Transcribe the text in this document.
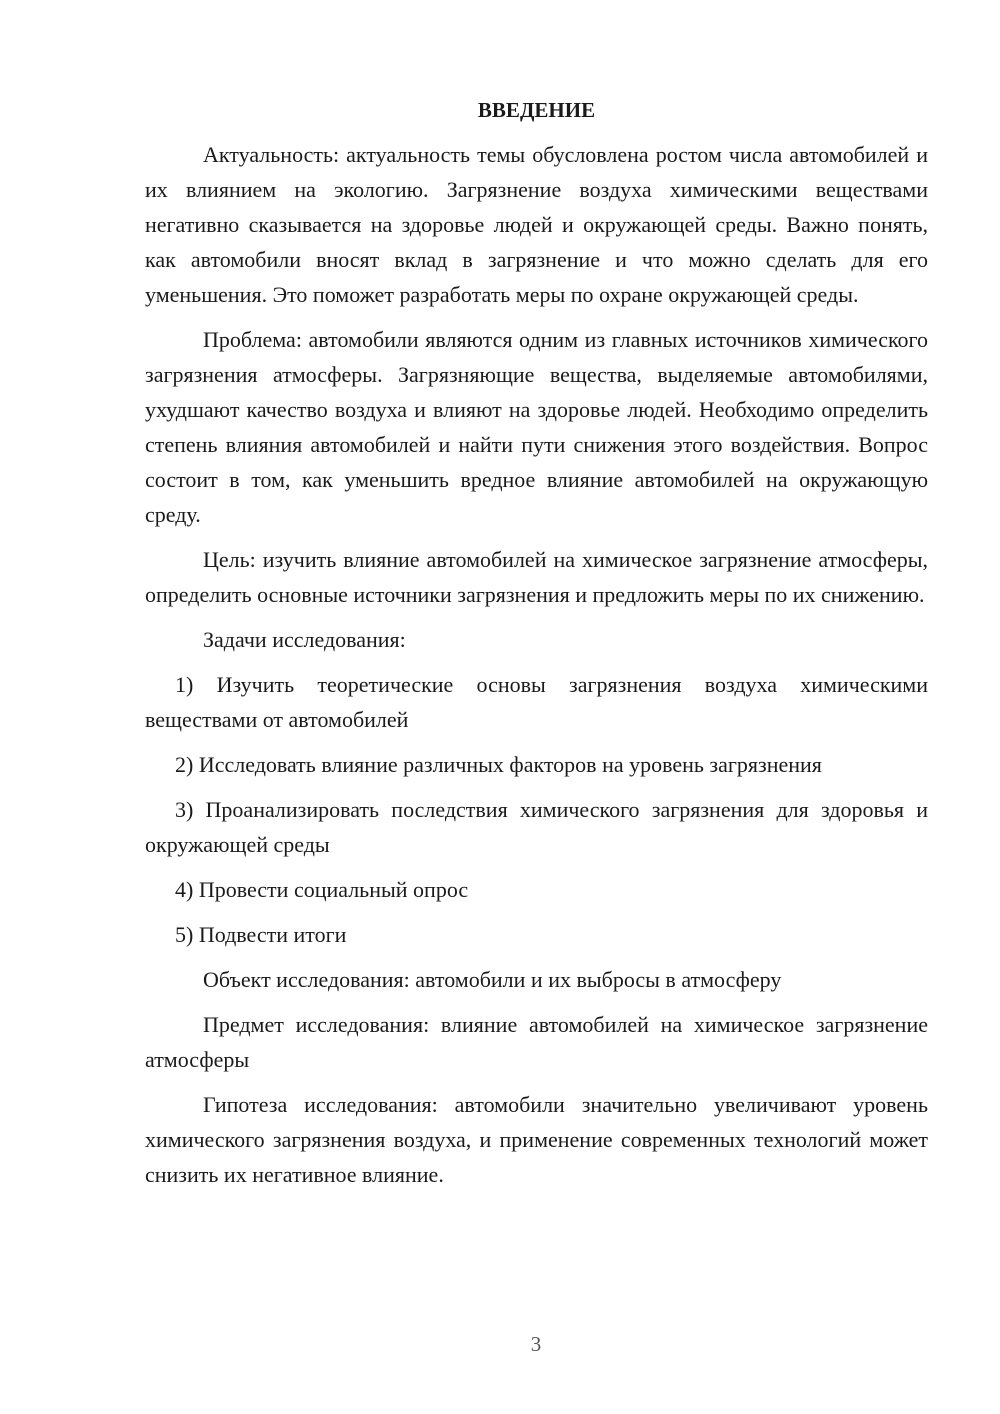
ВВЕДЕНИЕ

Актуальность: актуальность темы обусловлена ростом числа автомобилей и их влиянием на экологию. Загрязнение воздуха химическими веществами негативно сказывается на здоровье людей и окружающей среды. Важно понять, как автомобили вносят вклад в загрязнение и что можно сделать для его уменьшения. Это поможет разработать меры по охране окружающей среды.

Проблема: автомобили являются одним из главных источников химического загрязнения атмосферы. Загрязняющие вещества, выделяемые автомобилями, ухудшают качество воздуха и влияют на здоровье людей. Необходимо определить степень влияния автомобилей и найти пути снижения этого воздействия. Вопрос состоит в том, как уменьшить вредное влияние автомобилей на окружающую среду.

Цель: изучить влияние автомобилей на химическое загрязнение атмосферы, определить основные источники загрязнения и предложить меры по их снижению.

Задачи исследования:

1) Изучить теоретические основы загрязнения воздуха химическими веществами от автомобилей

2) Исследовать влияние различных факторов на уровень загрязнения

3) Проанализировать последствия химического загрязнения для здоровья и окружающей среды

4) Провести социальный опрос

5) Подвести итоги

Объект исследования: автомобили и их выбросы в атмосферу

Предмет исследования: влияние автомобилей на химическое загрязнение атмосферы

Гипотеза исследования: автомобили значительно увеличивают уровень химического загрязнения воздуха, и применение современных технологий может снизить их негативное влияние.

3
